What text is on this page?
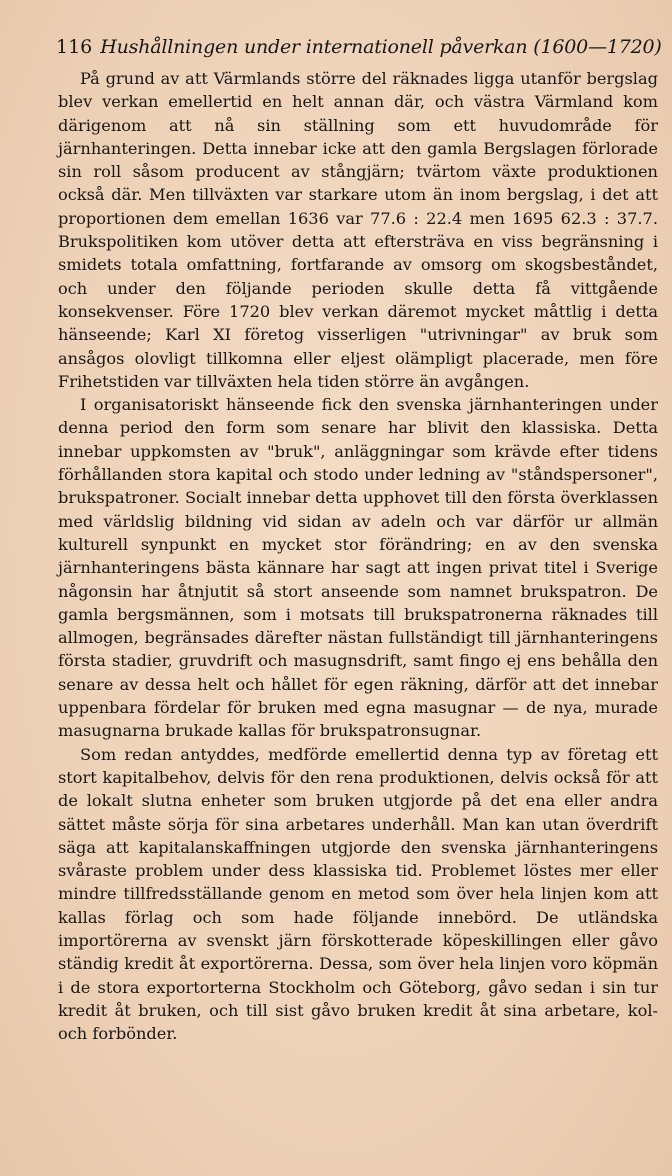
116 Hushållningen under internationell påverkan (1600—1720)

På grund av att Värmlands större del räknades ligga utanför bergslag blev verkan emellertid en helt annan där, och västra Värmland kom därigenom att nå sin ställning som ett huvudområde för järnhanteringen. Detta innebar icke att den gamla Bergslagen förlorade sin roll såsom producent av stångjärn; tvärtom växte produktionen också där. Men tillväxten var starkare utom än inom bergslag, i det att proportionen dem emellan 1636 var 77.6 : 22.4 men 1695 62.3 : 37.7. Brukspolitiken kom utöver detta att eftersträva en viss begränsning i smidets totala omfattning, fortfarande av omsorg om skogsbeståndet, och under den följande perioden skulle detta få vittgående konsekvenser. Före 1720 blev verkan däremot mycket måttlig i detta hänseende; Karl XI företog visserligen "utrivningar" av bruk som ansågos olovligt tillkomna eller eljest olämpligt placerade, men före Frihetstiden var tillväxten hela tiden större än avgången.

I organisatoriskt hänseende fick den svenska järnhanteringen under denna period den form som senare har blivit den klassiska. Detta innebar uppkomsten av "bruk", anläggningar som krävde efter tidens förhållanden stora kapital och stodo under ledning av "ståndspersoner", brukspatroner. Socialt innebar detta upphovet till den första överklassen med världslig bildning vid sidan av adeln och var därför ur allmän kulturell synpunkt en mycket stor förändring; en av den svenska järnhanteringens bästa kännare har sagt att ingen privat titel i Sverige någonsin har åtnjutit så stort anseende som namnet brukspatron. De gamla bergsmännen, som i motsats till brukspatronerna räknades till allmogen, begränsades därefter nästan fullständigt till järnhanteringens första stadier, gruvdrift och masugnsdrift, samt fingo ej ens behålla den senare av dessa helt och hållet för egen räkning, därför att det innebar uppenbara fördelar för bruken med egna masugnar — de nya, murade masugnarna brukade kallas för brukspatronsugnar.

Som redan antyddes, medförde emellertid denna typ av företag ett stort kapitalbehov, delvis för den rena produktionen, delvis också för att de lokalt slutna enheter som bruken utgjorde på det ena eller andra sättet måste sörja för sina arbetares underhåll. Man kan utan överdrift säga att kapitalanskaffningen utgjorde den svenska järnhanteringens svåraste problem under dess klassiska tid. Problemet löstes mer eller mindre tillfredsställande genom en metod som över hela linjen kom att kallas förlag och som hade följande innebörd. De utländska importörerna av svenskt järn förskotterade köpeskillingen eller gåvo ständig kredit åt exportörerna. Dessa, som över hela linjen voro köpmän i de stora exportorterna Stockholm och Göteborg, gåvo sedan i sin tur kredit åt bruken, och till sist gåvo bruken kredit åt sina arbetare, kol- och forbönder.
